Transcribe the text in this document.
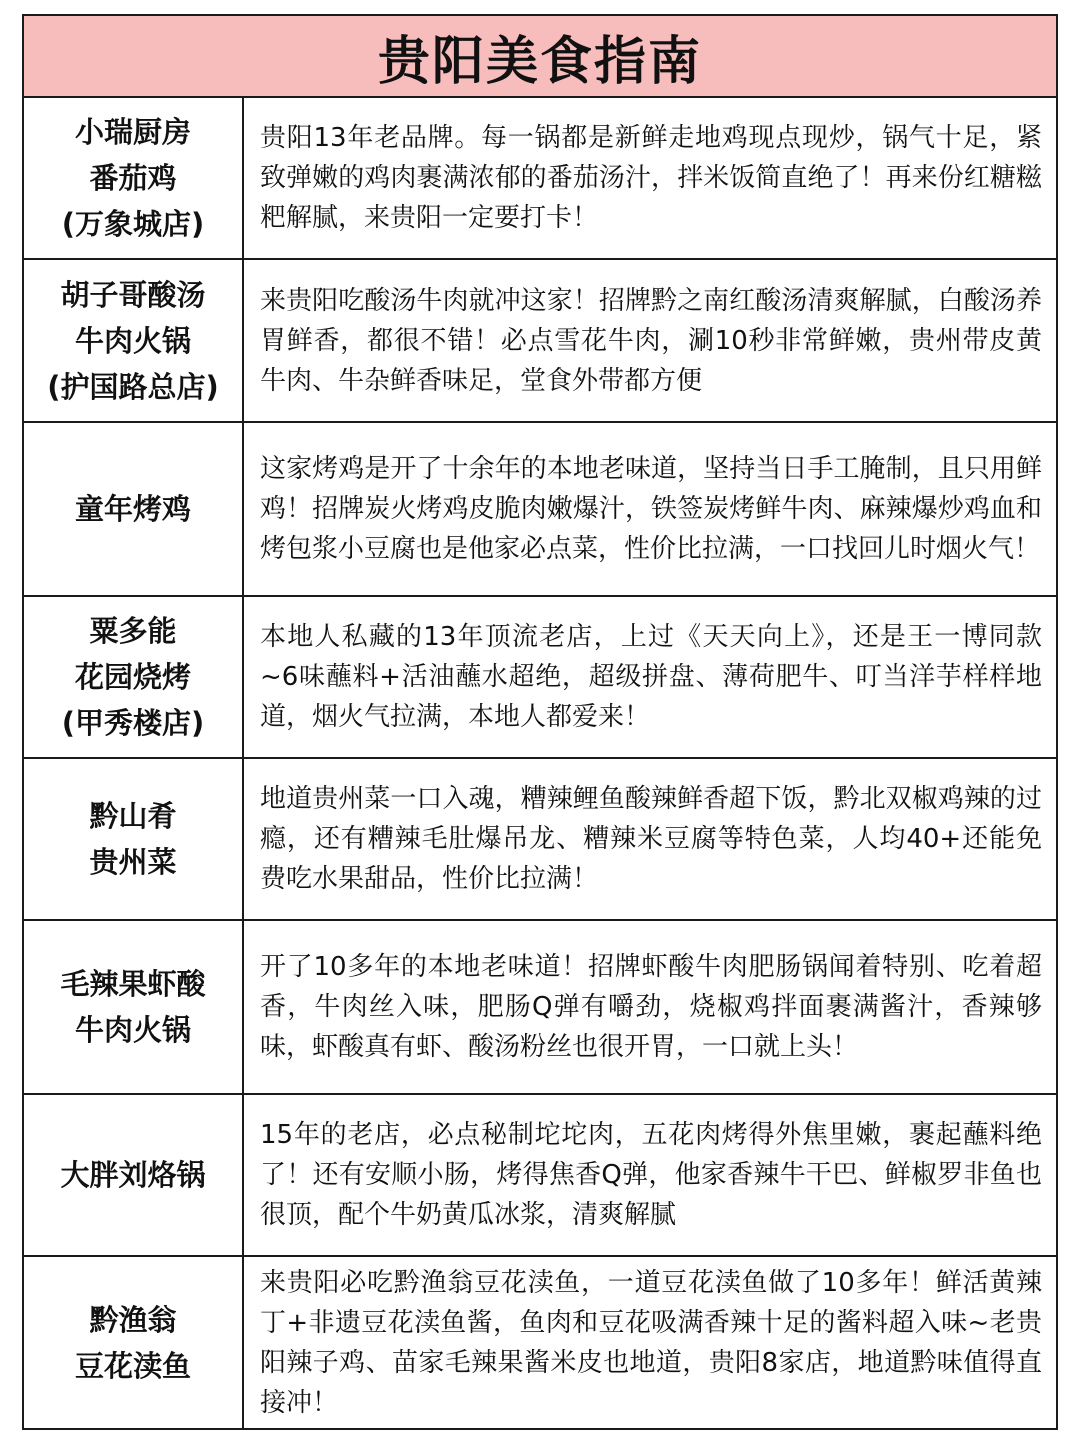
贵阳美食指南
小瑞厨房
番茄鸡
(万象城店)
贵阳13年老品牌。每一锅都是新鲜走地鸡现点现炒，锅气十足，紧致弹嫩的鸡肉裹满浓郁的番茄汤汁，拌米饭简直绝了！再来份红糖糍粑解腻，来贵阳一定要打卡！
胡子哥酸汤
牛肉火锅
(护国路总店)
来贵阳吃酸汤牛肉就冲这家！招牌黔之南红酸汤清爽解腻，白酸汤养胃鲜香，都很不错！必点雪花牛肉，涮10秒非常鲜嫩，贵州带皮黄牛肉、牛杂鲜香味足，堂食外带都方便
童年烤鸡
这家烤鸡是开了十余年的本地老味道，坚持当日手工腌制，且只用鲜鸡！招牌炭火烤鸡皮脆肉嫩爆汁，铁签炭烤鲜牛肉、麻辣爆炒鸡血和烤包浆小豆腐也是他家必点菜，性价比拉满，一口找回儿时烟火气！
粟多能
花园烧烤
(甲秀楼店)
本地人私藏的13年顶流老店，上过《天天向上》，还是王一博同款~6味蘸料+活油蘸水超绝，超级拼盘、薄荷肥牛、叮当洋芋样样地道，烟火气拉满，本地人都爱来！
黔山肴
贵州菜
地道贵州菜一口入魂，糟辣鲤鱼酸辣鲜香超下饭，黔北双椒鸡辣的过瘾，还有糟辣毛肚爆吊龙、糟辣米豆腐等特色菜，人均40+还能免费吃水果甜品，性价比拉满！
毛辣果虾酸
牛肉火锅
开了10多年的本地老味道！招牌虾酸牛肉肥肠锅闻着特别、吃着超香，牛肉丝入味，肥肠Q弹有嚼劲，烧椒鸡拌面裹满酱汁，香辣够味，虾酸真有虾、酸汤粉丝也很开胃，一口就上头！
大胖刘烙锅
15年的老店，必点秘制坨坨肉，五花肉烤得外焦里嫩，裹起蘸料绝了！还有安顺小肠，烤得焦香Q弹，他家香辣牛干巴、鲜椒罗非鱼也很顶，配个牛奶黄瓜冰浆，清爽解腻
黔渔翁
豆花渎鱼
来贵阳必吃黔渔翁豆花渎鱼，一道豆花渎鱼做了10多年！鲜活黄辣丁+非遗豆花渎鱼酱，鱼肉和豆花吸满香辣十足的酱料超入味~老贵阳辣子鸡、苗家毛辣果酱米皮也地道，贵阳8家店，地道黔味值得直接冲！
